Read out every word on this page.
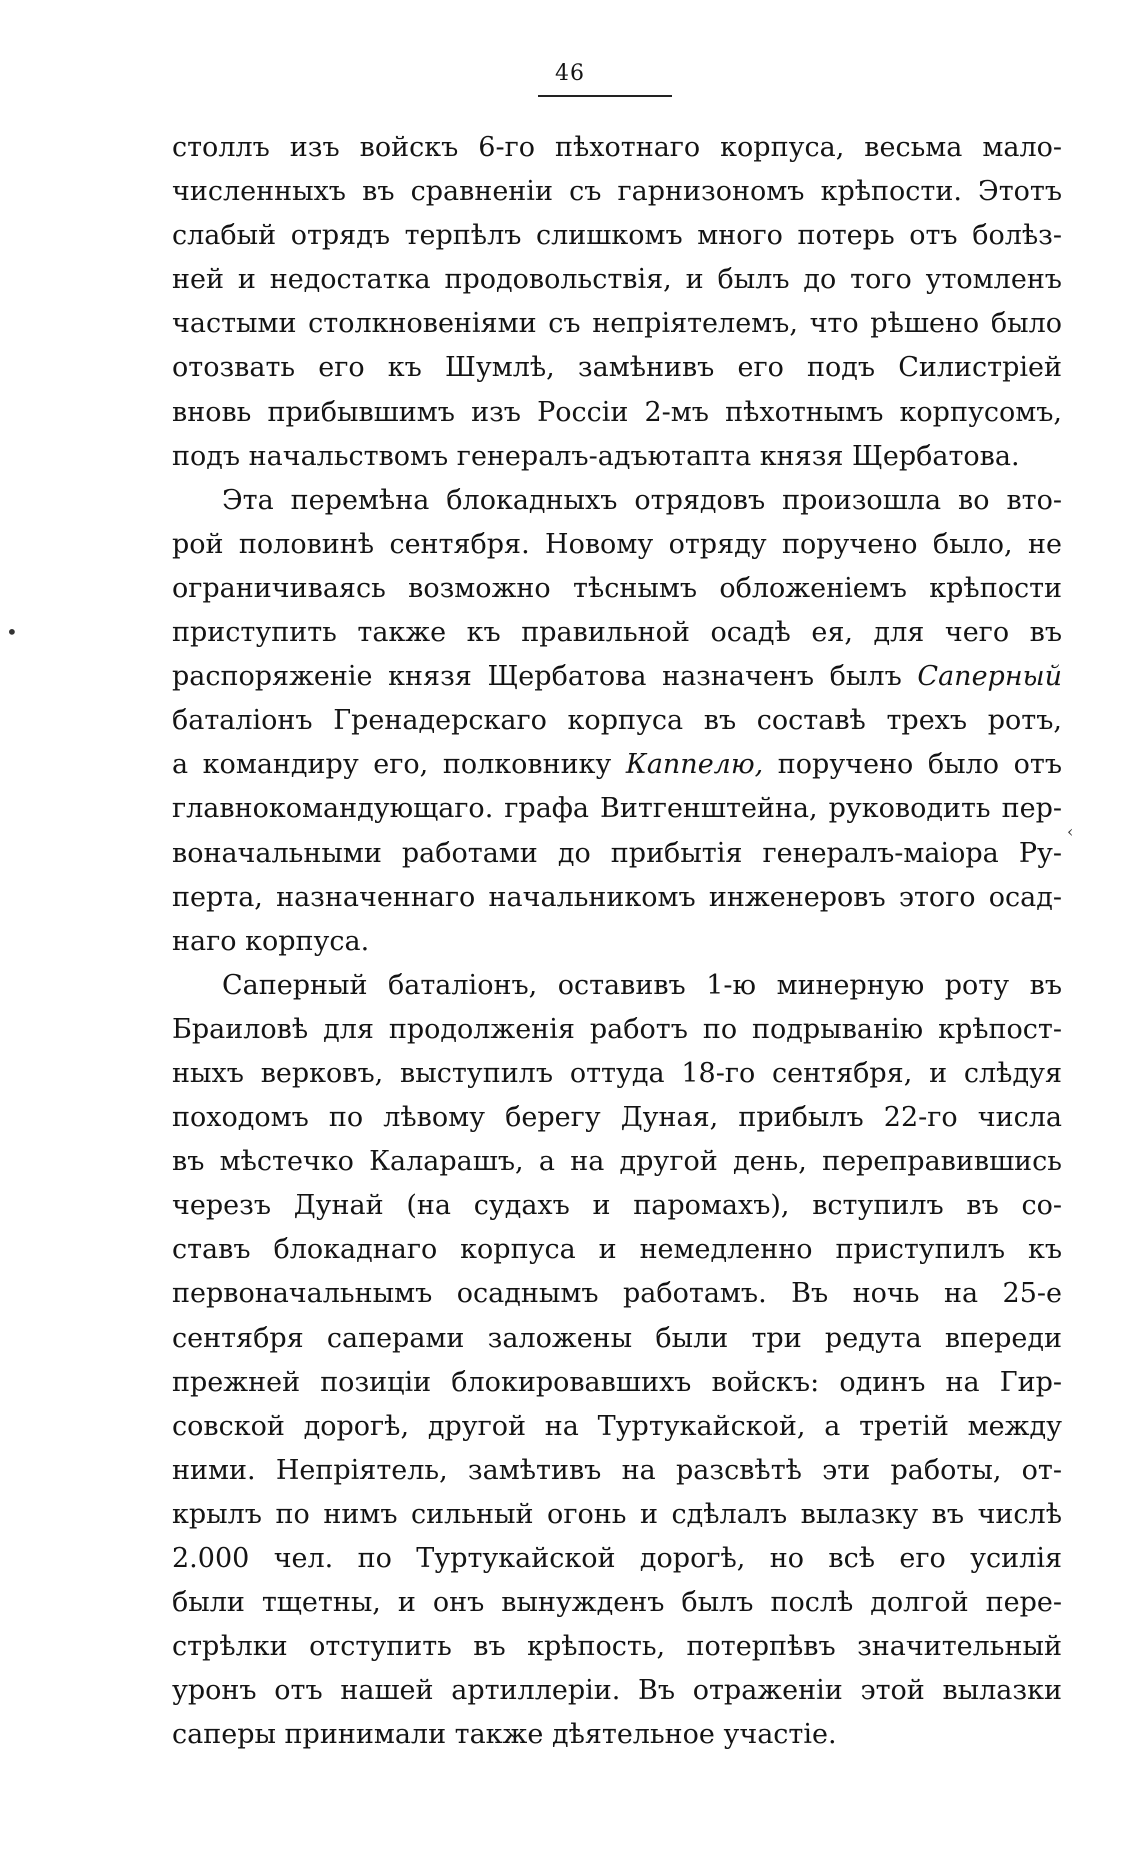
46
•
‹

столлъ изъ войскъ 6-го пѣхотнаго корпуса, весьма мало-
численныхъ въ сравненіи съ гарнизономъ крѣпости. Этотъ
слабый отрядъ терпѣлъ слишкомъ много потерь отъ болѣз-
ней и недостатка продовольствія, и былъ до того утомленъ
частыми столкновеніями съ непріятелемъ, что рѣшено было
отозвать его къ Шумлѣ, замѣнивъ его подъ Силистріей
вновь прибывшимъ изъ Россіи 2-мъ пѣхотнымъ корпусомъ,
подъ начальствомъ генералъ-адъютапта князя Щербатова.

Эта перемѣна блокадныхъ отрядовъ произошла во вто-
рой половинѣ сентября. Новому отряду поручено было, не
ограничиваясь возможно тѣснымъ обложеніемъ крѣпости
приступить также къ правильной осадѣ ея, для чего въ
распоряженіе князя Щербатова назначенъ былъ Саперный
баталіонъ Гренадерскаго корпуса въ составѣ трехъ ротъ,
а командиру его, полковнику Каппелю, поручено было отъ
главнокомандующаго. графа Витгенштейна, руководить пер-
воначальными работами до прибытія генералъ-маіора Ру-
перта, назначеннаго начальникомъ инженеровъ этого осад-
наго корпуса.

Саперный баталіонъ, оставивъ 1-ю минерную роту въ
Браиловѣ для продолженія работъ по подрыванію крѣпост-
ныхъ верковъ, выступилъ оттуда 18-го сентября, и слѣдуя
походомъ по лѣвому берегу Дуная, прибылъ 22-го числа
въ мѣстечко Каларашъ, а на другой день, переправившись
черезъ Дунай (на судахъ и паромахъ), вступилъ въ со-
ставъ блокаднаго корпуса и немедленно приступилъ къ
первоначальнымъ осаднымъ работамъ. Въ ночь на 25-е
сентября саперами заложены были три редута впереди
прежней позиціи блокировавшихъ войскъ: одинъ на Гир-
совской дорогѣ, другой на Туртукайской, а третій между
ними. Непріятель, замѣтивъ на разсвѣтѣ эти работы, от-
крылъ по нимъ сильный огонь и сдѣлалъ вылазку въ числѣ
2.000 чел. по Туртукайской дорогѣ, но всѣ его усилія
были тщетны, и онъ вынужденъ былъ послѣ долгой пере-
стрѣлки отступить въ крѣпость, потерпѣвъ значительный
уронъ отъ нашей артиллеріи. Въ отраженіи этой вылазки
саперы принимали также дѣятельное участіе.
